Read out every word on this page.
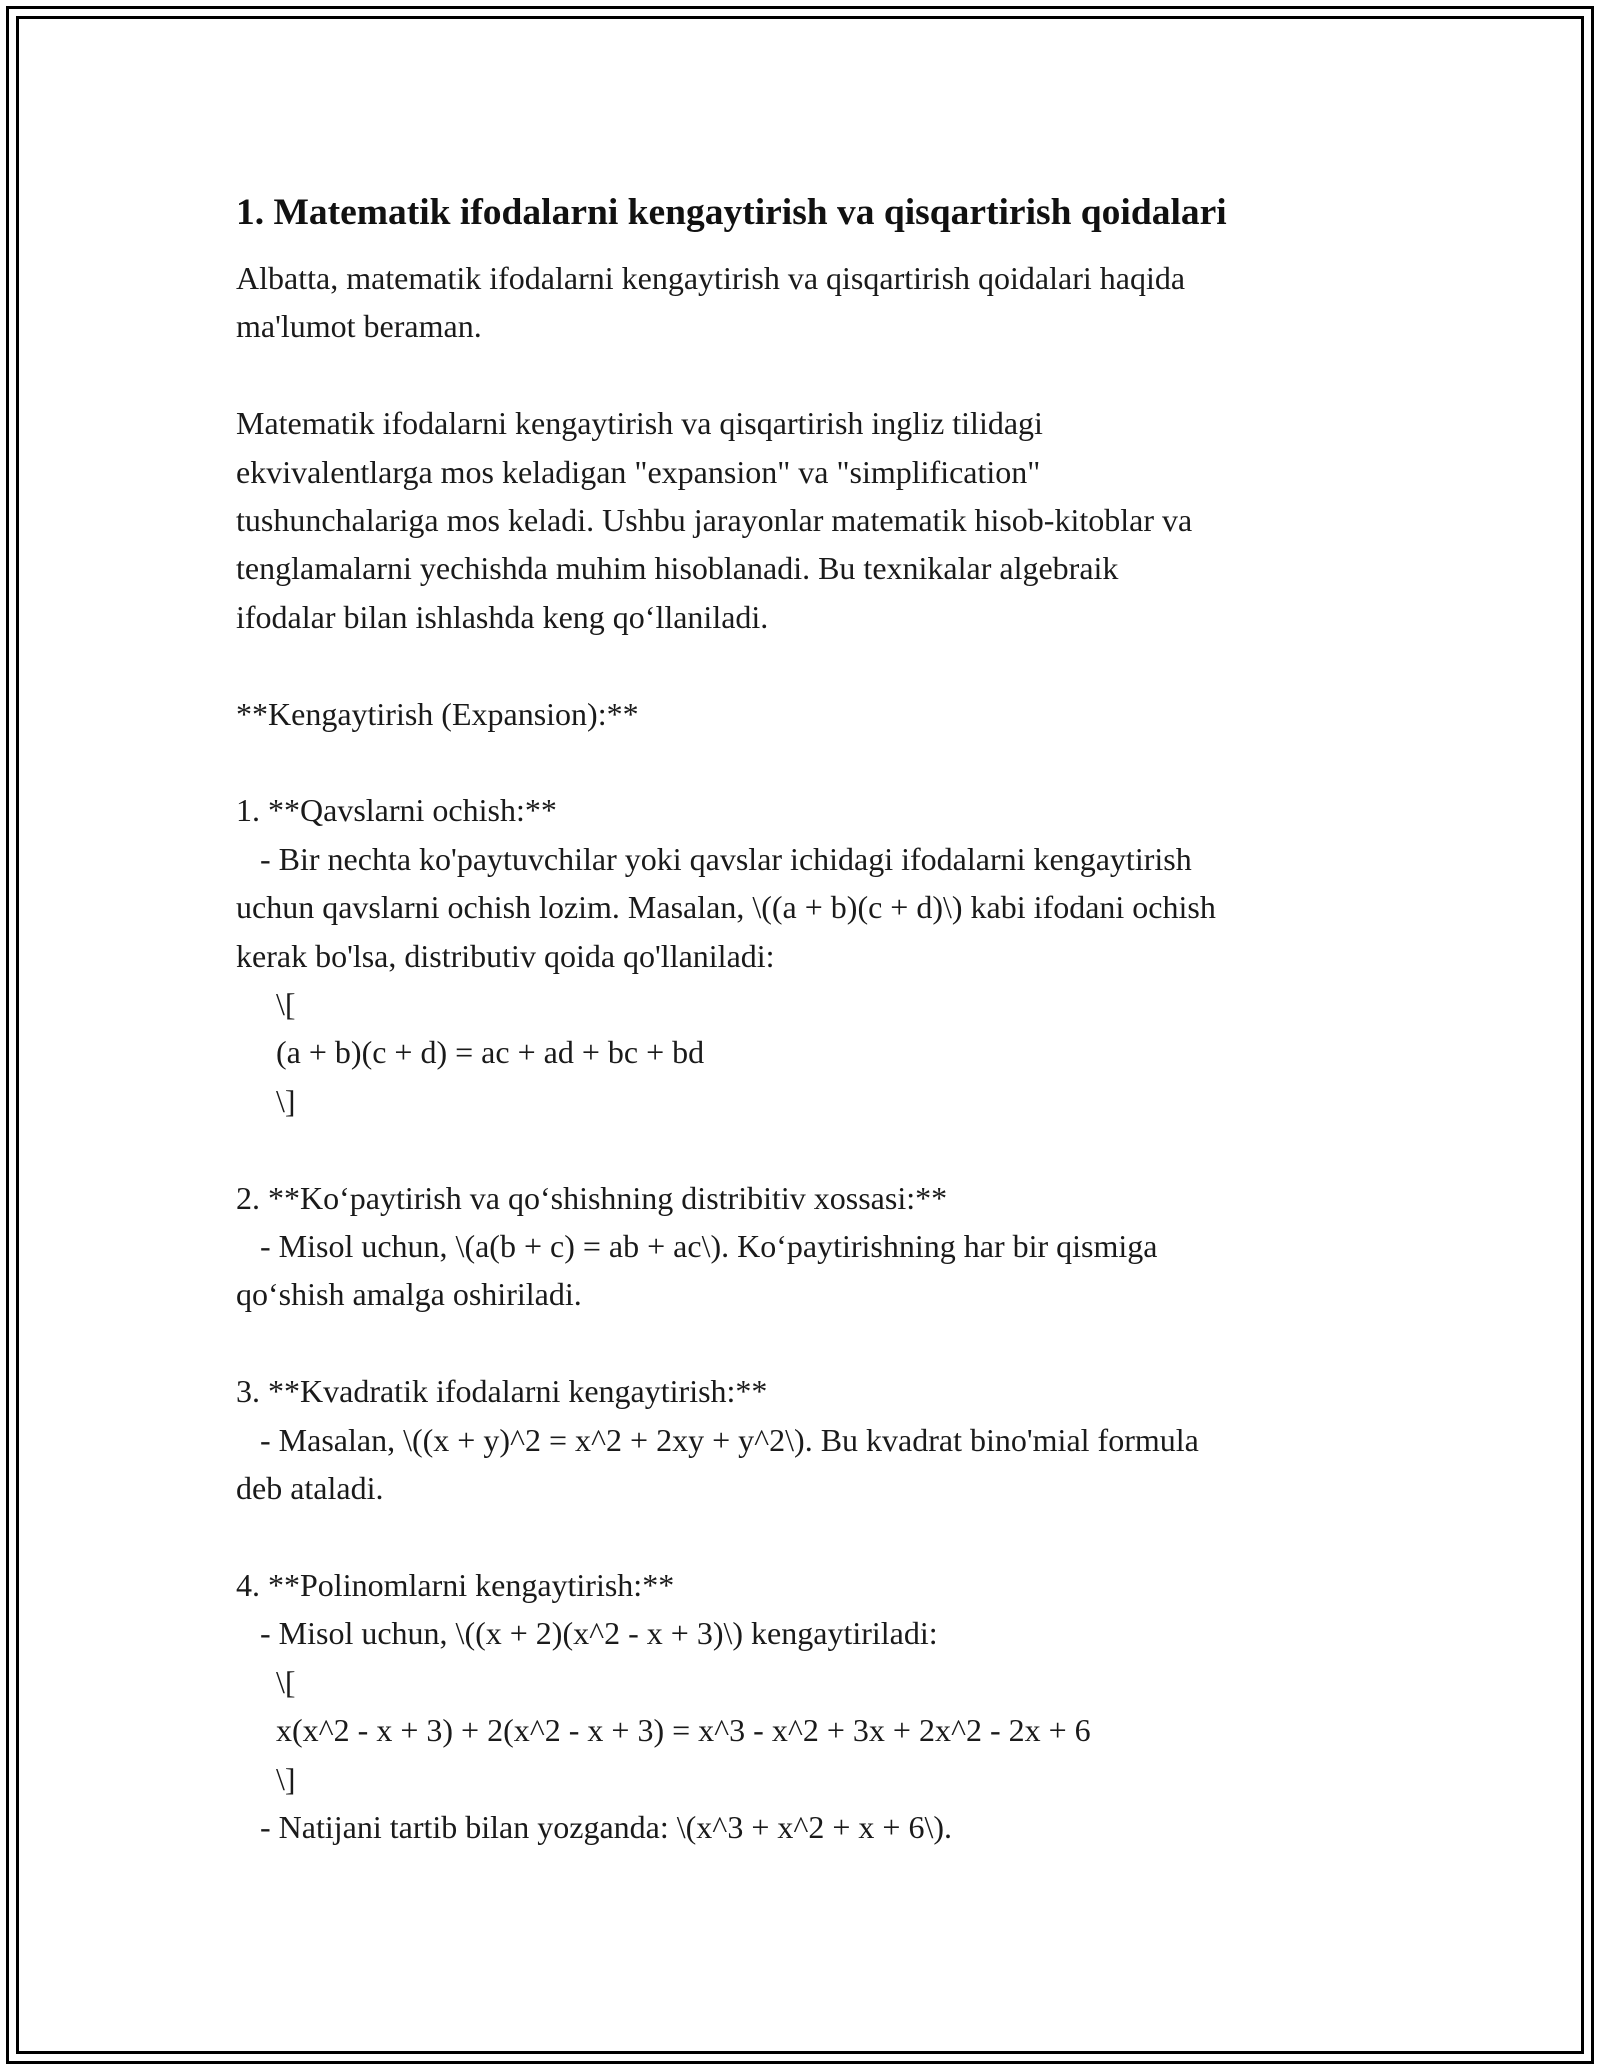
1. Matematik ifodalarni kengaytirish va qisqartirish qoidalari
Albatta, matematik ifodalarni kengaytirish va qisqartirish qoidalari haqida
ma'lumot beraman.
Matematik ifodalarni kengaytirish va qisqartirish ingliz tilidagi
ekvivalentlarga mos keladigan "expansion" va "simplification"
tushunchalariga mos keladi. Ushbu jarayonlar matematik hisob-kitoblar va
tenglamalarni yechishda muhim hisoblanadi. Bu texnikalar algebraik
ifodalar bilan ishlashda keng qo‘llaniladi.
**Kengaytirish (Expansion):**
1. **Qavslarni ochish:**
- Bir nechta ko'paytuvchilar yoki qavslar ichidagi ifodalarni kengaytirish
uchun qavslarni ochish lozim. Masalan, \((a + b)(c + d)\) kabi ifodani ochish
kerak bo'lsa, distributiv qoida qo'llaniladi:
\[
(a + b)(c + d) = ac + ad + bc + bd
\]
2. **Ko‘paytirish va qo‘shishning distribitiv xossasi:**
- Misol uchun, \(a(b + c) = ab + ac\). Ko‘paytirishning har bir qismiga
qo‘shish amalga oshiriladi.
3. **Kvadratik ifodalarni kengaytirish:**
- Masalan, \((x + y)^2 = x^2 + 2xy + y^2\). Bu kvadrat bino'mial formula
deb ataladi.
4. **Polinomlarni kengaytirish:**
- Misol uchun, \((x + 2)(x^2 - x + 3)\) kengaytiriladi:
\[
x(x^2 - x + 3) + 2(x^2 - x + 3) = x^3 - x^2 + 3x + 2x^2 - 2x + 6
\]
- Natijani tartib bilan yozganda: \(x^3 + x^2 + x + 6\).
